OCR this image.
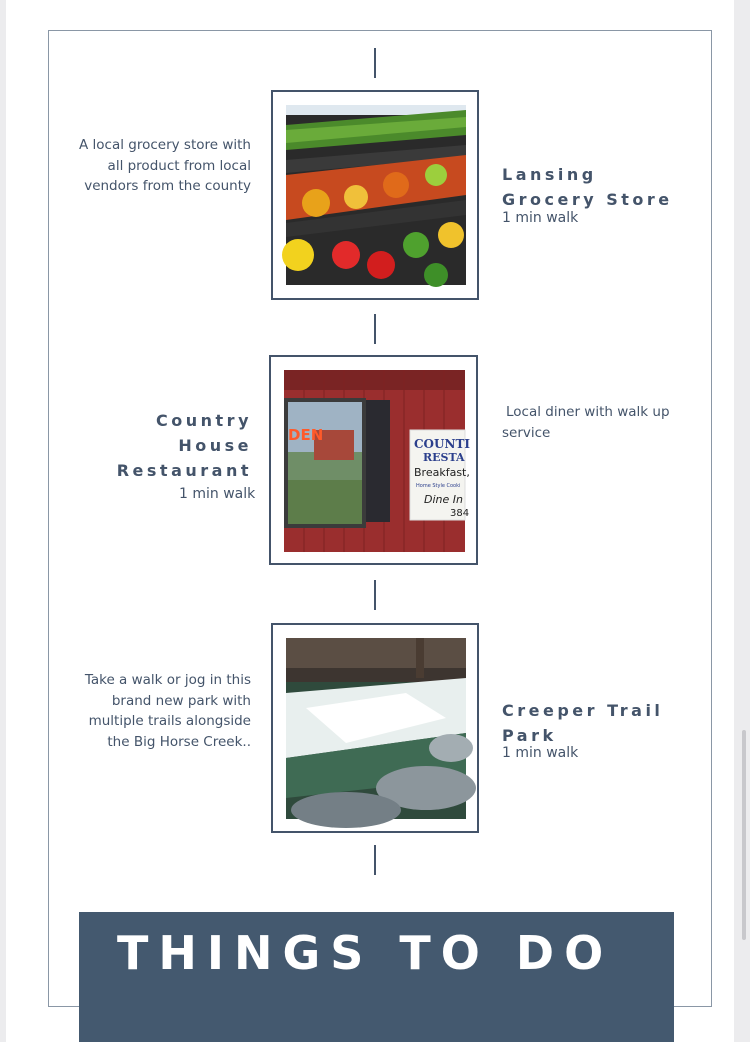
A local grocery store with
all product from local
vendors from the county
Lansing
Grocery Store
1 min walk
Country
House
Restaurant
1 min walk
DEN	COUNTI
RESTA
Breakfast,
Home Style Cooki
Dine In
384
Local diner with walk up
service
Take a walk or jog in this
brand new park with
multiple trails alongside
the Big Horse Creek..
Creeper Trail
Park
1 min walk
THINGS TO DO
